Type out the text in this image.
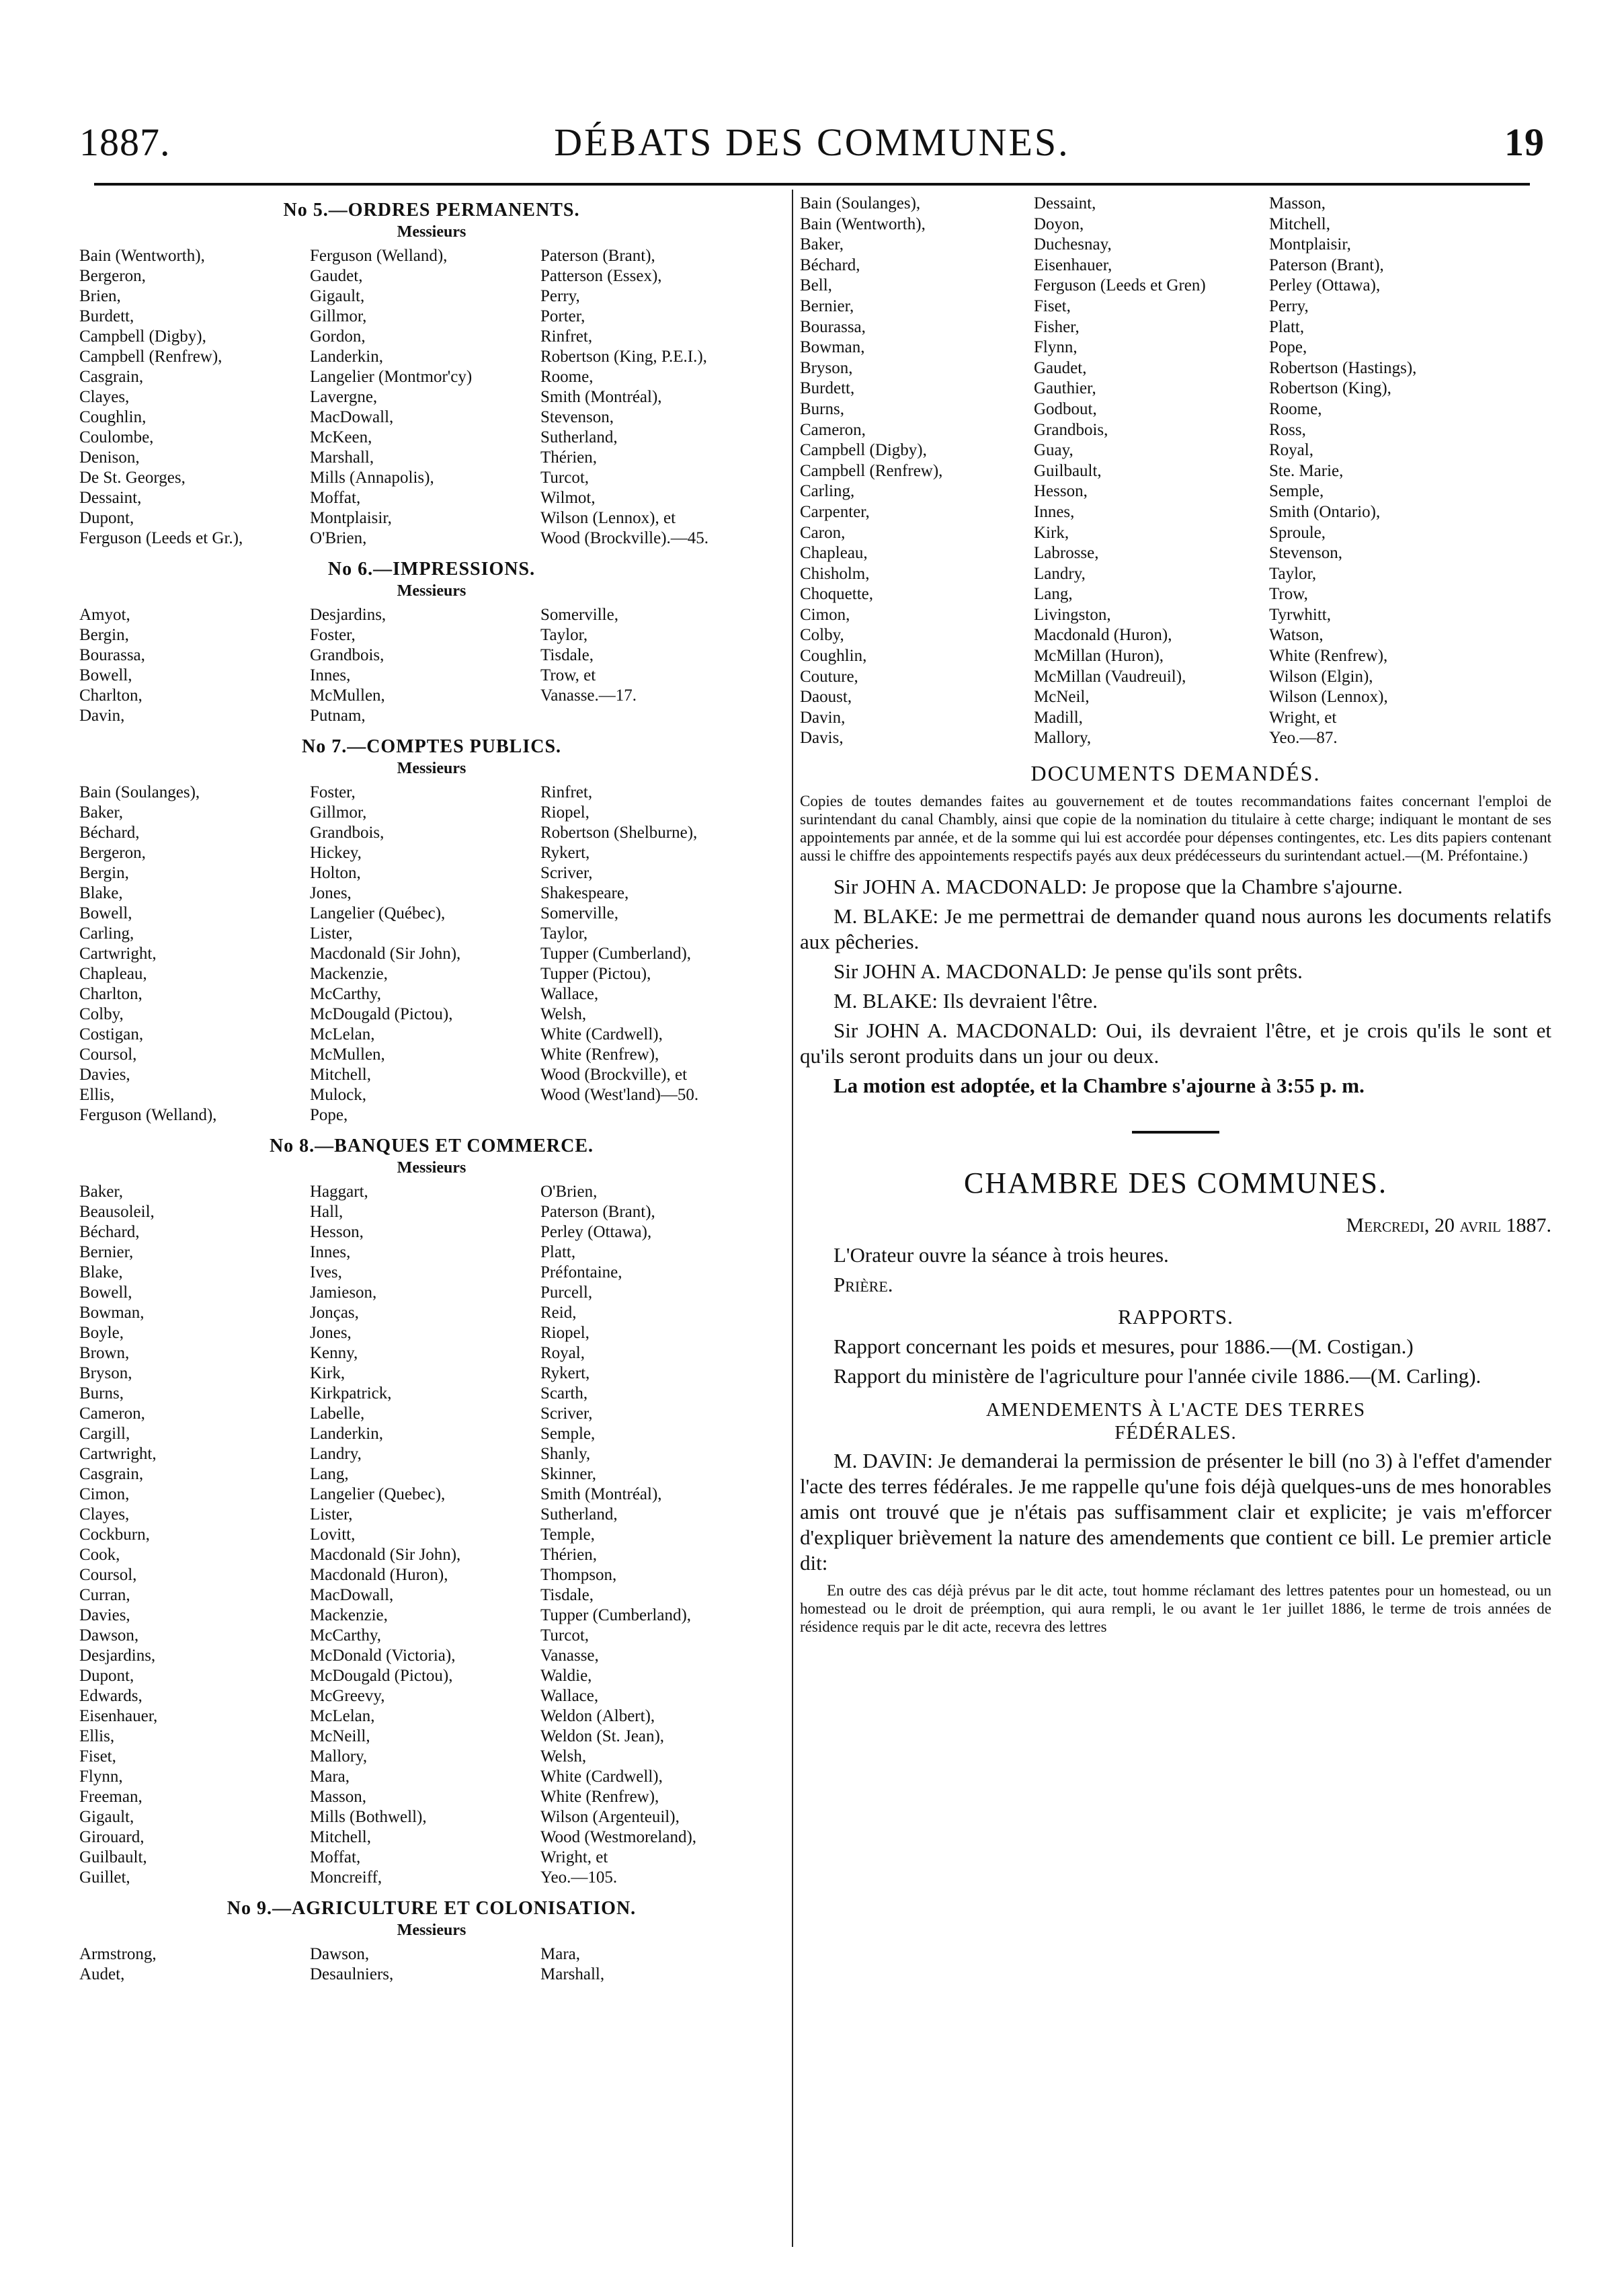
1887.	DÉBATS DES COMMUNES.	19
No 5.—ORDRES PERMANENTS.
Messieurs
Bain (Wentworth),
Bergeron,
Brien,
Burdett,
Campbell (Digby),
Campbell (Renfrew),
Casgrain,
Clayes,
Coughlin,
Coulombe,
Denison,
De St. Georges,
Dessaint,
Dupont,
Ferguson (Leeds et Gr.),
Ferguson (Welland),
Gaudet,
Gigault,
Gillmor,
Gordon,
Landerkin,
Langelier (Montmor'cy)
Lavergne,
MacDowall,
McKeen,
Marshall,
Mills (Annapolis),
Moffat,
Montplaisir,
O'Brien,
Paterson (Brant),
Patterson (Essex),
Perry,
Porter,
Rinfret,
Robertson (King, P.E.I.),
Roome,
Smith (Montréal),
Stevenson,
Sutherland,
Thérien,
Turcot,
Wilmot,
Wilson (Lennox), et
Wood (Brockville).—45.
No 6.—IMPRESSIONS.
Messieurs
Amyot,
Bergin,
Bourassa,
Bowell,
Charlton,
Davin,
Desjardins,
Foster,
Grandbois,
Innes,
McMullen,
Putnam,
Somerville,
Taylor,
Tisdale,
Trow, et
Vanasse.—17.
No 7.—COMPTES PUBLICS.
Messieurs
Bain (Soulanges),
Baker,
Béchard,
Bergeron,
Bergin,
Blake,
Bowell,
Carling,
Cartwright,
Chapleau,
Charlton,
Colby,
Costigan,
Coursol,
Davies,
Ellis,
Ferguson (Welland),
Foster,
Gillmor,
Grandbois,
Hickey,
Holton,
Jones,
Langelier (Québec),
Lister,
Macdonald (Sir John),
Mackenzie,
McCarthy,
McDougald (Pictou),
McLelan,
McMullen,
Mitchell,
Mulock,
Pope,
Rinfret,
Riopel,
Robertson (Shelburne),
Rykert,
Scriver,
Shakespeare,
Somerville,
Taylor,
Tupper (Cumberland),
Tupper (Pictou),
Wallace,
Welsh,
White (Cardwell),
White (Renfrew),
Wood (Brockville), et
Wood (West'land)—50.
No 8.—BANQUES ET COMMERCE.
Messieurs
Baker,
Beausoleil,
Béchard,
Bernier,
Blake,
Bowell,
Bowman,
Boyle,
Brown,
Bryson,
Burns,
Cameron,
Cargill,
Cartwright,
Casgrain,
Cimon,
Clayes,
Cockburn,
Cook,
Coursol,
Curran,
Davies,
Dawson,
Desjardins,
Dupont,
Edwards,
Eisenhauer,
Ellis,
Fiset,
Flynn,
Freeman,
Gigault,
Girouard,
Guilbault,
Guillet,
Haggart,
Hall,
Hesson,
Innes,
Ives,
Jamieson,
Jonças,
Jones,
Kenny,
Kirk,
Kirkpatrick,
Labelle,
Landerkin,
Landry,
Lang,
Langelier (Quebec),
Lister,
Lovitt,
Macdonald (Sir John),
Macdonald (Huron),
MacDowall,
Mackenzie,
McCarthy,
McDonald (Victoria),
McDougald (Pictou),
McGreevy,
McLelan,
McNeill,
Mallory,
Mara,
Masson,
Mills (Bothwell),
Mitchell,
Moffat,
Moncreiff,
O'Brien,
Paterson (Brant),
Perley (Ottawa),
Platt,
Préfontaine,
Purcell,
Reid,
Riopel,
Royal,
Rykert,
Scarth,
Scriver,
Semple,
Shanly,
Skinner,
Smith (Montréal),
Sutherland,
Temple,
Thérien,
Thompson,
Tisdale,
Tupper (Cumberland),
Turcot,
Vanasse,
Waldie,
Wallace,
Weldon (Albert),
Weldon (St. Jean),
Welsh,
White (Cardwell),
White (Renfrew),
Wilson (Argenteuil),
Wood (Westmoreland),
Wright, et
Yeo.—105.
No 9.—AGRICULTURE ET COLONISATION.
Messieurs
Armstrong,
Audet,
Dawson,
Desaulniers,
Mara,
Marshall,
Bain (Soulanges),
Bain (Wentworth),
Baker,
Béchard,
Bell,
Bernier,
Bourassa,
Bowman,
Bryson,
Burdett,
Burns,
Cameron,
Campbell (Digby),
Campbell (Renfrew),
Carling,
Carpenter,
Caron,
Chapleau,
Chisholm,
Choquette,
Cimon,
Colby,
Coughlin,
Couture,
Daoust,
Davin,
Davis,
Dessaint,
Doyon,
Duchesnay,
Eisenhauer,
Ferguson (Leeds et Gren)
Fiset,
Fisher,
Flynn,
Gaudet,
Gauthier,
Godbout,
Grandbois,
Guay,
Guilbault,
Hesson,
Innes,
Kirk,
Labrosse,
Landry,
Lang,
Livingston,
Macdonald (Huron),
McMillan (Huron),
McMillan (Vaudreuil),
McNeil,
Madill,
Mallory,
Masson,
Mitchell,
Montplaisir,
Paterson (Brant),
Perley (Ottawa),
Perry,
Platt,
Pope,
Robertson (Hastings),
Robertson (King),
Roome,
Ross,
Royal,
Ste. Marie,
Semple,
Smith (Ontario),
Sproule,
Stevenson,
Taylor,
Trow,
Tyrwhitt,
Watson,
White (Renfrew),
Wilson (Elgin),
Wilson (Lennox),
Wright, et
Yeo.—87.
DOCUMENTS DEMANDÉS.
Copies de toutes demandes faites au gouvernement et de toutes recommandations faites concernant l'emploi de surintendant du canal Chambly, ainsi que copie de la nomination du titulaire à cette charge; indiquant le montant de ses appointements par année, et de la somme qui lui est accordée pour dépenses contingentes, etc. Les dits papiers contenant aussi le chiffre des appointements respectifs payés aux deux prédécesseurs du surintendant actuel.—(M. Préfontaine.)
Sir JOHN A. MACDONALD: Je propose que la Chambre s'ajourne.
M. BLAKE: Je me permettrai de demander quand nous aurons les documents relatifs aux pêcheries.
Sir JOHN A. MACDONALD: Je pense qu'ils sont prêts.
M. BLAKE: Ils devraient l'être.
Sir JOHN A. MACDONALD: Oui, ils devraient l'être, et je crois qu'ils le sont et qu'ils seront produits dans un jour ou deux.
La motion est adoptée, et la Chambre s'ajourne à 3:55 p. m.
CHAMBRE DES COMMUNES.
Mercredi, 20 avril 1887.
L'Orateur ouvre la séance à trois heures.
Prière.
RAPPORTS.
Rapport concernant les poids et mesures, pour 1886.—(M. Costigan.)
Rapport du ministère de l'agriculture pour l'année civile 1886.—(M. Carling).
AMENDEMENTS À L'ACTE DES TERRES
FÉDÉRALES.
M. DAVIN: Je demanderai la permission de présenter le bill (no 3) à l'effet d'amender l'acte des terres fédérales. Je me rappelle qu'une fois déjà quelques-uns de mes honorables amis ont trouvé que je n'étais pas suffisamment clair et explicite; je vais m'efforcer d'expliquer brièvement la nature des amendements que contient ce bill. Le premier article dit:
En outre des cas déjà prévus par le dit acte, tout homme réclamant des lettres patentes pour un homestead, ou un homestead ou le droit de préemption, qui aura rempli, le ou avant le 1er juillet 1886, le terme de trois années de résidence requis par le dit acte, recevra des lettres
